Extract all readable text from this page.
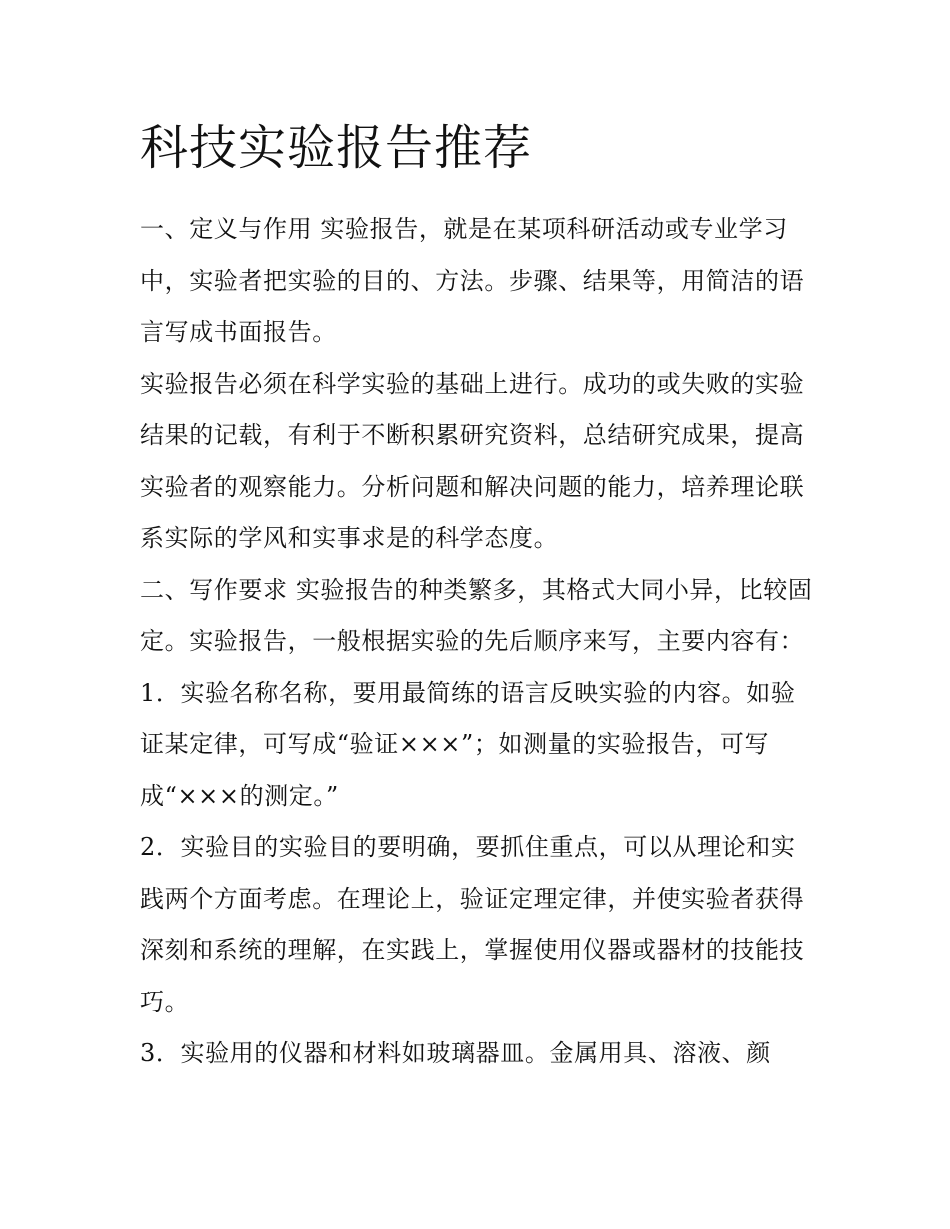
科技实验报告推荐

一、定义与作用 实验报告，就是在某项科研活动或专业学习中，实验者把实验的目的、方法。步骤、结果等，用简洁的语言写成书面报告。

实验报告必须在科学实验的基础上进行。成功的或失败的实验结果的记载，有利于不断积累研究资料，总结研究成果，提高实验者的观察能力。分析问题和解决问题的能力，培养理论联系实际的学风和实事求是的科学态度。

二、写作要求 实验报告的种类繁多，其格式大同小异，比较固定。实验报告，一般根据实验的先后顺序来写，主要内容有：

1．实验名称名称，要用最简练的语言反映实验的内容。如验证某定律，可写成“验证×××”；如测量的实验报告，可写成“×××的测定。”

2．实验目的实验目的要明确，要抓住重点，可以从理论和实践两个方面考虑。在理论上，验证定理定律，并使实验者获得深刻和系统的理解，在实践上，掌握使用仪器或器材的技能技巧。

3．实验用的仪器和材料如玻璃器皿。金属用具、溶液、颜
